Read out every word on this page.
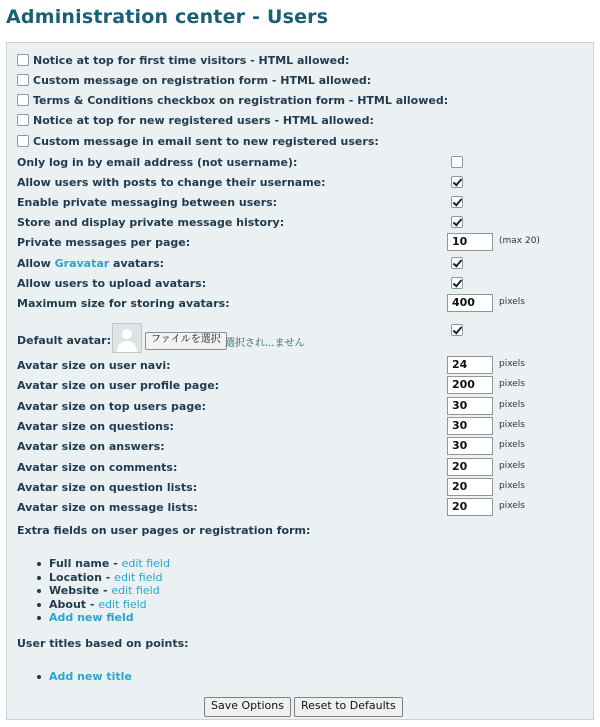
Administration center - Users
Notice at top for first time visitors - HTML allowed:
Custom message on registration form - HTML allowed:
Terms & Conditions checkbox on registration form - HTML allowed:
Notice at top for new registered users - HTML allowed:
Custom message in email sent to new registered users:
Only log in by email address (not username):
Allow users with posts to change their username:
Enable private messaging between users:
Store and display private message history:
Private messages per page:	10	(max 20)
Allow Gravatar avatars:
Allow users to upload avatars:
Maximum size for storing avatars:	400	pixels
Default avatar:	ファイルを選択 選択され...ません
Avatar size on user navi:	24	pixels
Avatar size on user profile page:	200	pixels
Avatar size on top users page:	30	pixels
Avatar size on questions:	30	pixels
Avatar size on answers:	30	pixels
Avatar size on comments:	20	pixels
Avatar size on question lists:	20	pixels
Avatar size on message lists:	20	pixels
Extra fields on user pages or registration form:
Full name - edit field
Location - edit field
Website - edit field
About - edit field
Add new field
User titles based on points:
Add new title
Save Options	Reset to Defaults
